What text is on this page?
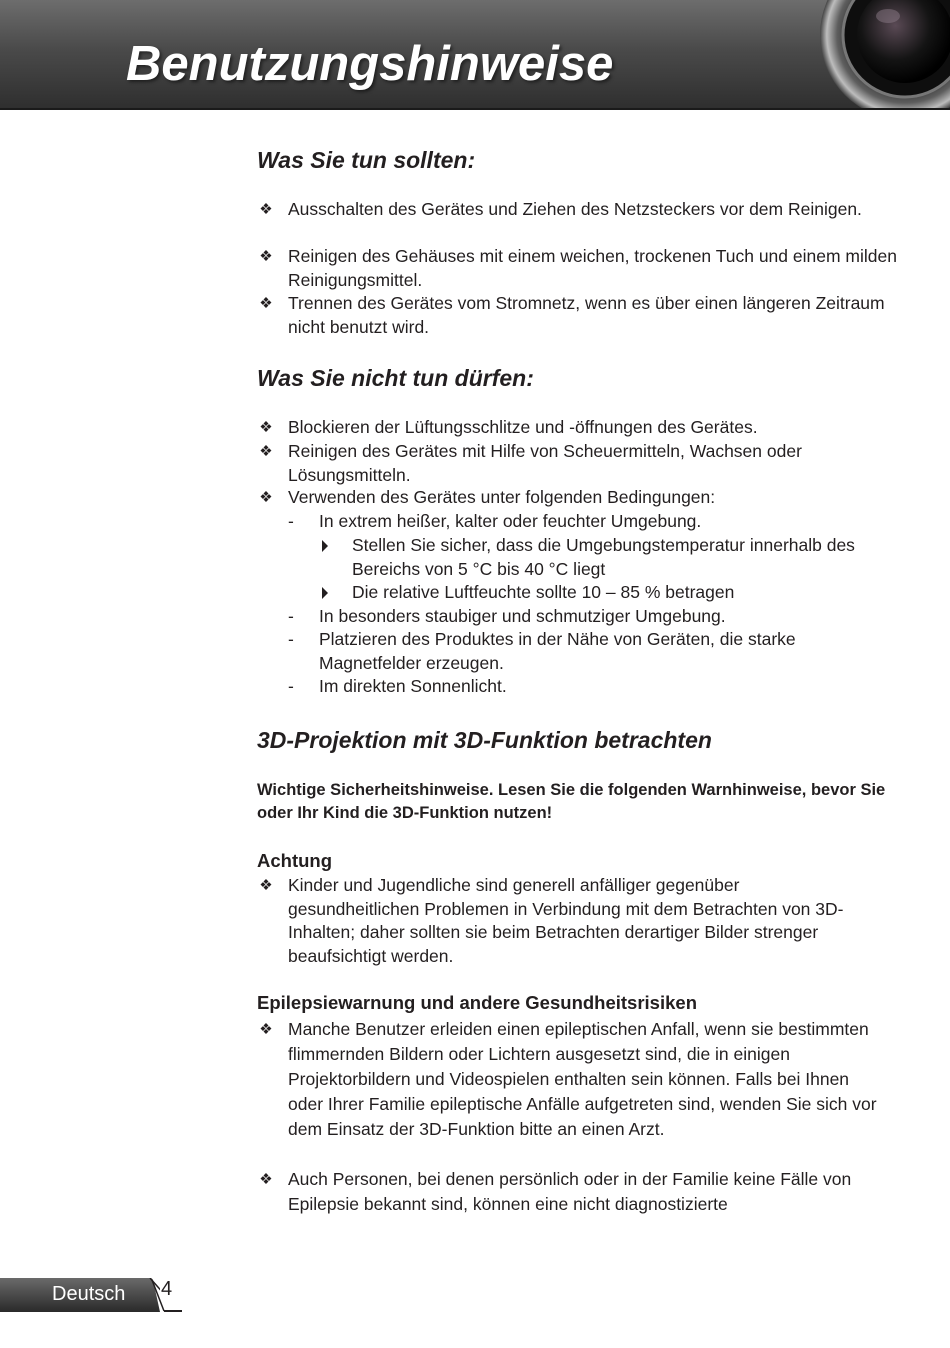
Benutzungshinweise
Was Sie tun sollten:
❖ Ausschalten des Gerätes und Ziehen des Netzsteckers vor dem Reinigen.
❖ Reinigen des Gehäuses mit einem weichen, trockenen Tuch und einem milden Reinigungsmittel.
❖ Trennen des Gerätes vom Stromnetz, wenn es über einen längeren Zeitraum nicht benutzt wird.
Was Sie nicht tun dürfen:
❖ Blockieren der Lüftungsschlitze und -öffnungen des Gerätes.
❖ Reinigen des Gerätes mit Hilfe von Scheuermitteln, Wachsen oder Lösungsmitteln.
❖ Verwenden des Gerätes unter folgenden Bedingungen:
- In extrem heißer, kalter oder feuchter Umgebung.
Stellen Sie sicher, dass die Umgebungstemperatur innerhalb des Bereichs von 5 °C bis 40 °C liegt
Die relative Luftfeuchte sollte 10 – 85 % betragen
- In besonders staubiger und schmutziger Umgebung.
- Platzieren des Produktes in der Nähe von Geräten, die starke Magnetfelder erzeugen.
- Im direkten Sonnenlicht.
3D-Projektion mit 3D-Funktion betrachten
Wichtige Sicherheitshinweise. Lesen Sie die folgenden Warnhinweise, bevor Sie oder Ihr Kind die 3D-Funktion nutzen!
Achtung
❖ Kinder und Jugendliche sind generell anfälliger gegenüber gesundheitlichen Problemen in Verbindung mit dem Betrachten von 3D-Inhalten; daher sollten sie beim Betrachten derartiger Bilder strenger beaufsichtigt werden.
Epilepsiewarnung und andere Gesundheitsrisiken
❖ Manche Benutzer erleiden einen epileptischen Anfall, wenn sie bestimmten flimmernden Bildern oder Lichtern ausgesetzt sind, die in einigen Projektorbildern und Videospielen enthalten sein können. Falls bei Ihnen oder Ihrer Familie epileptische Anfälle aufgetreten sind, wenden Sie sich vor dem Einsatz der 3D-Funktion bitte an einen Arzt.
❖ Auch Personen, bei denen persönlich oder in der Familie keine Fälle von Epilepsie bekannt sind, können eine nicht diagnostizierte
Deutsch 4
